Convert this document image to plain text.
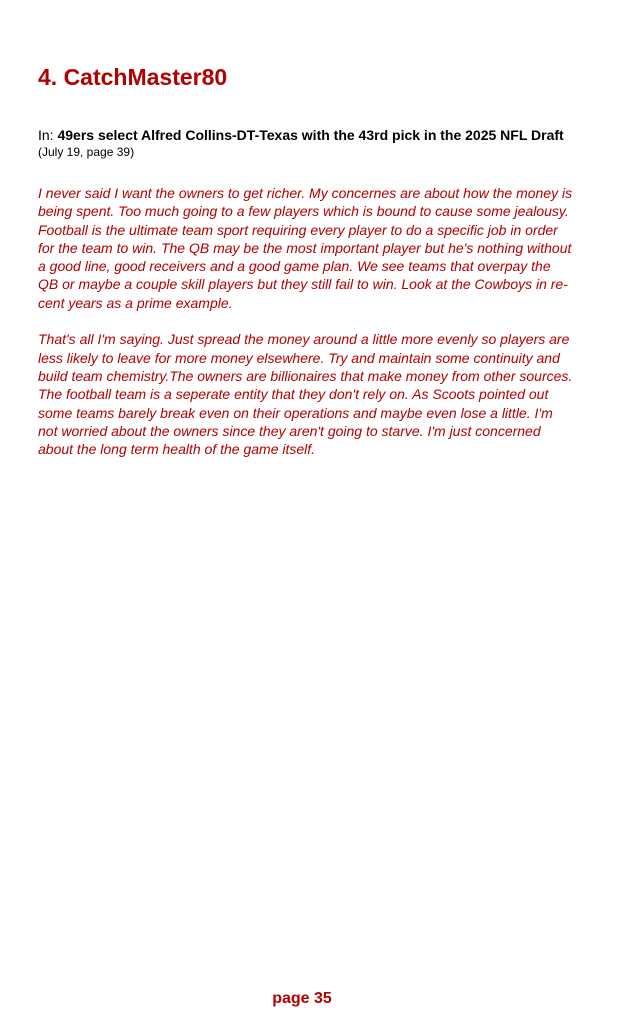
4. CatchMaster80
In: 49ers select Alfred Collins-DT-Texas with the 43rd pick in the 2025 NFL Draft
(July 19, page 39)

I never said I want the owners to get richer. My concernes are about how the money is
being spent. Too much going to a few players which is bound to cause some jealousy.
Football is the ultimate team sport requiring every player to do a specific job in order
for the team to win. The QB may be the most important player but he's nothing without
a good line, good receivers and a good game plan. We see teams that overpay the
QB or maybe a couple skill players but they still fail to win. Look at the Cowboys in re-
cent years as a prime example.

That's all I'm saying. Just spread the money around a little more evenly so players are
less likely to leave for more money elsewhere. Try and maintain some continuity and
build team chemistry.The owners are billionaires that make money from other sources.
The football team is a seperate entity that they don't rely on. As Scoots pointed out
some teams barely break even on their operations and maybe even lose a little. I'm
not worried about the owners since they aren't going to starve. I'm just concerned
about the long term health of the game itself.

page 35
